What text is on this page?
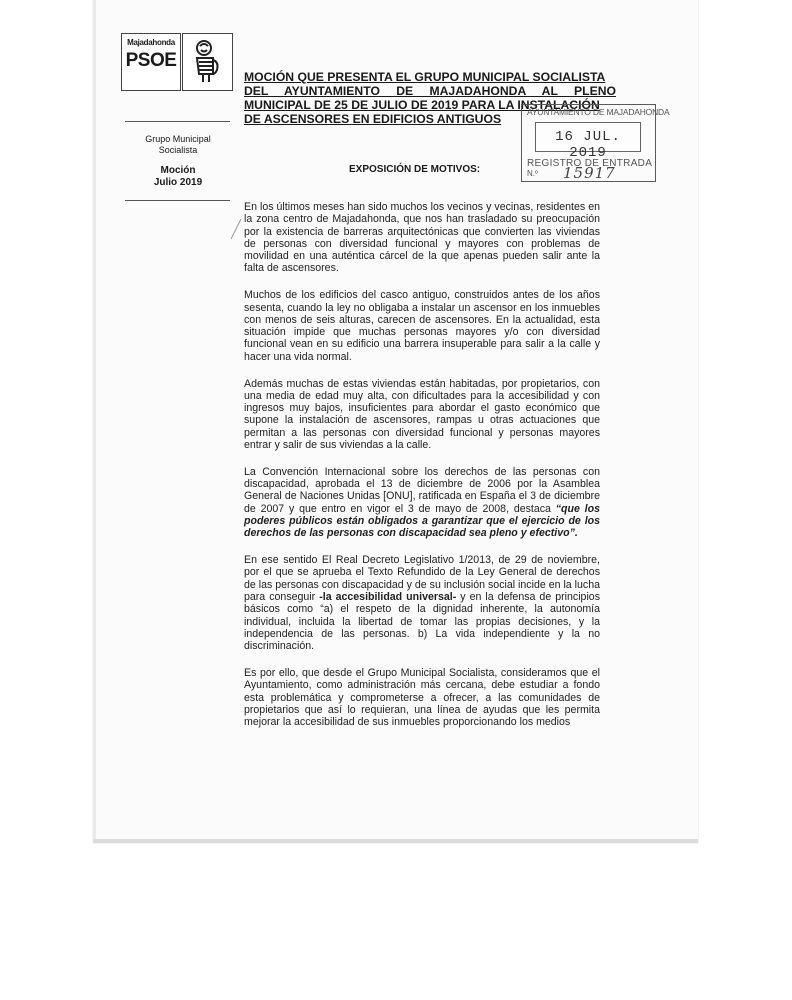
Majadahonda
PSOE
Grupo Municipal
Socialista
Moción
Julio 2019
MOCIÓN QUE PRESENTA EL GRUPO MUNICIPAL SOCIALISTA
DEL AYUNTAMIENTO DE MAJADAHONDA AL PLENO
MUNICIPAL DE 25 DE JULIO DE 2019 PARA LA INSTALACIÓN
DE ASCENSORES EN EDIFICIOS ANTIGUOS	AYUNTAMIENTO DE MAJADAHONDA
16 JUL. 2019
REGISTRO DE ENTRADA
N.º 15917
EXPOSICIÓN DE MOTIVOS:

En los últimos meses han sido muchos los vecinos y vecinas, residentes en la zona centro de Majadahonda, que nos han trasladado su preocupación por la existencia de barreras arquitectónicas que convierten las viviendas de personas con diversidad funcional y mayores con problemas de movilidad en una auténtica cárcel de la que apenas pueden salir ante la falta de ascensores.

Muchos de los edificios del casco antiguo, construidos antes de los años sesenta, cuando la ley no obligaba a instalar un ascensor en los inmuebles con menos de seis alturas, carecen de ascensores. En la actualidad, esta situación impide que muchas personas mayores y/o con diversidad funcional vean en su edificio una barrera insuperable para salir a la calle y hacer una vida normal.

Además muchas de estas viviendas están habitadas, por propietarios, con una media de edad muy alta, con dificultades para la accesibilidad y con ingresos muy bajos, insuficientes para abordar el gasto económico que supone la instalación de ascensores, rampas u otras actuaciones que permitan a las personas con diversidad funcional y personas mayores entrar y salir de sus viviendas a la calle.

La Convención Internacional sobre los derechos de las personas con discapacidad, aprobada el 13 de diciembre de 2006 por la Asamblea General de Naciones Unidas [ONU], ratificada en España el 3 de diciembre de 2007 y que entro en vigor el 3 de mayo de 2008, destaca “que los poderes públicos están obligados a garantizar que el ejercicio de los derechos de las personas con discapacidad sea pleno y efectivo”.

En ese sentido El Real Decreto Legislativo 1/2013, de 29 de noviembre, por el que se aprueba el Texto Refundido de la Ley General de derechos de las personas con discapacidad y de su inclusión social incide en la lucha para conseguir -la accesibilidad universal- y en la defensa de principios básicos como “a) el respeto de la dignidad inherente, la autonomía individual, incluida la libertad de tomar las propias decisiones, y la independencia de las personas. b) La vida independiente y la no discriminación.

Es por ello, que desde el Grupo Municipal Socialista, consideramos que el Ayuntamiento, como administración más cercana, debe estudiar a fondo esta problemática y comprometerse a ofrecer, a las comunidades de propietarios que así lo requieran, una línea de ayudas que les permita mejorar la accesibilidad de sus inmuebles proporcionando los medios
